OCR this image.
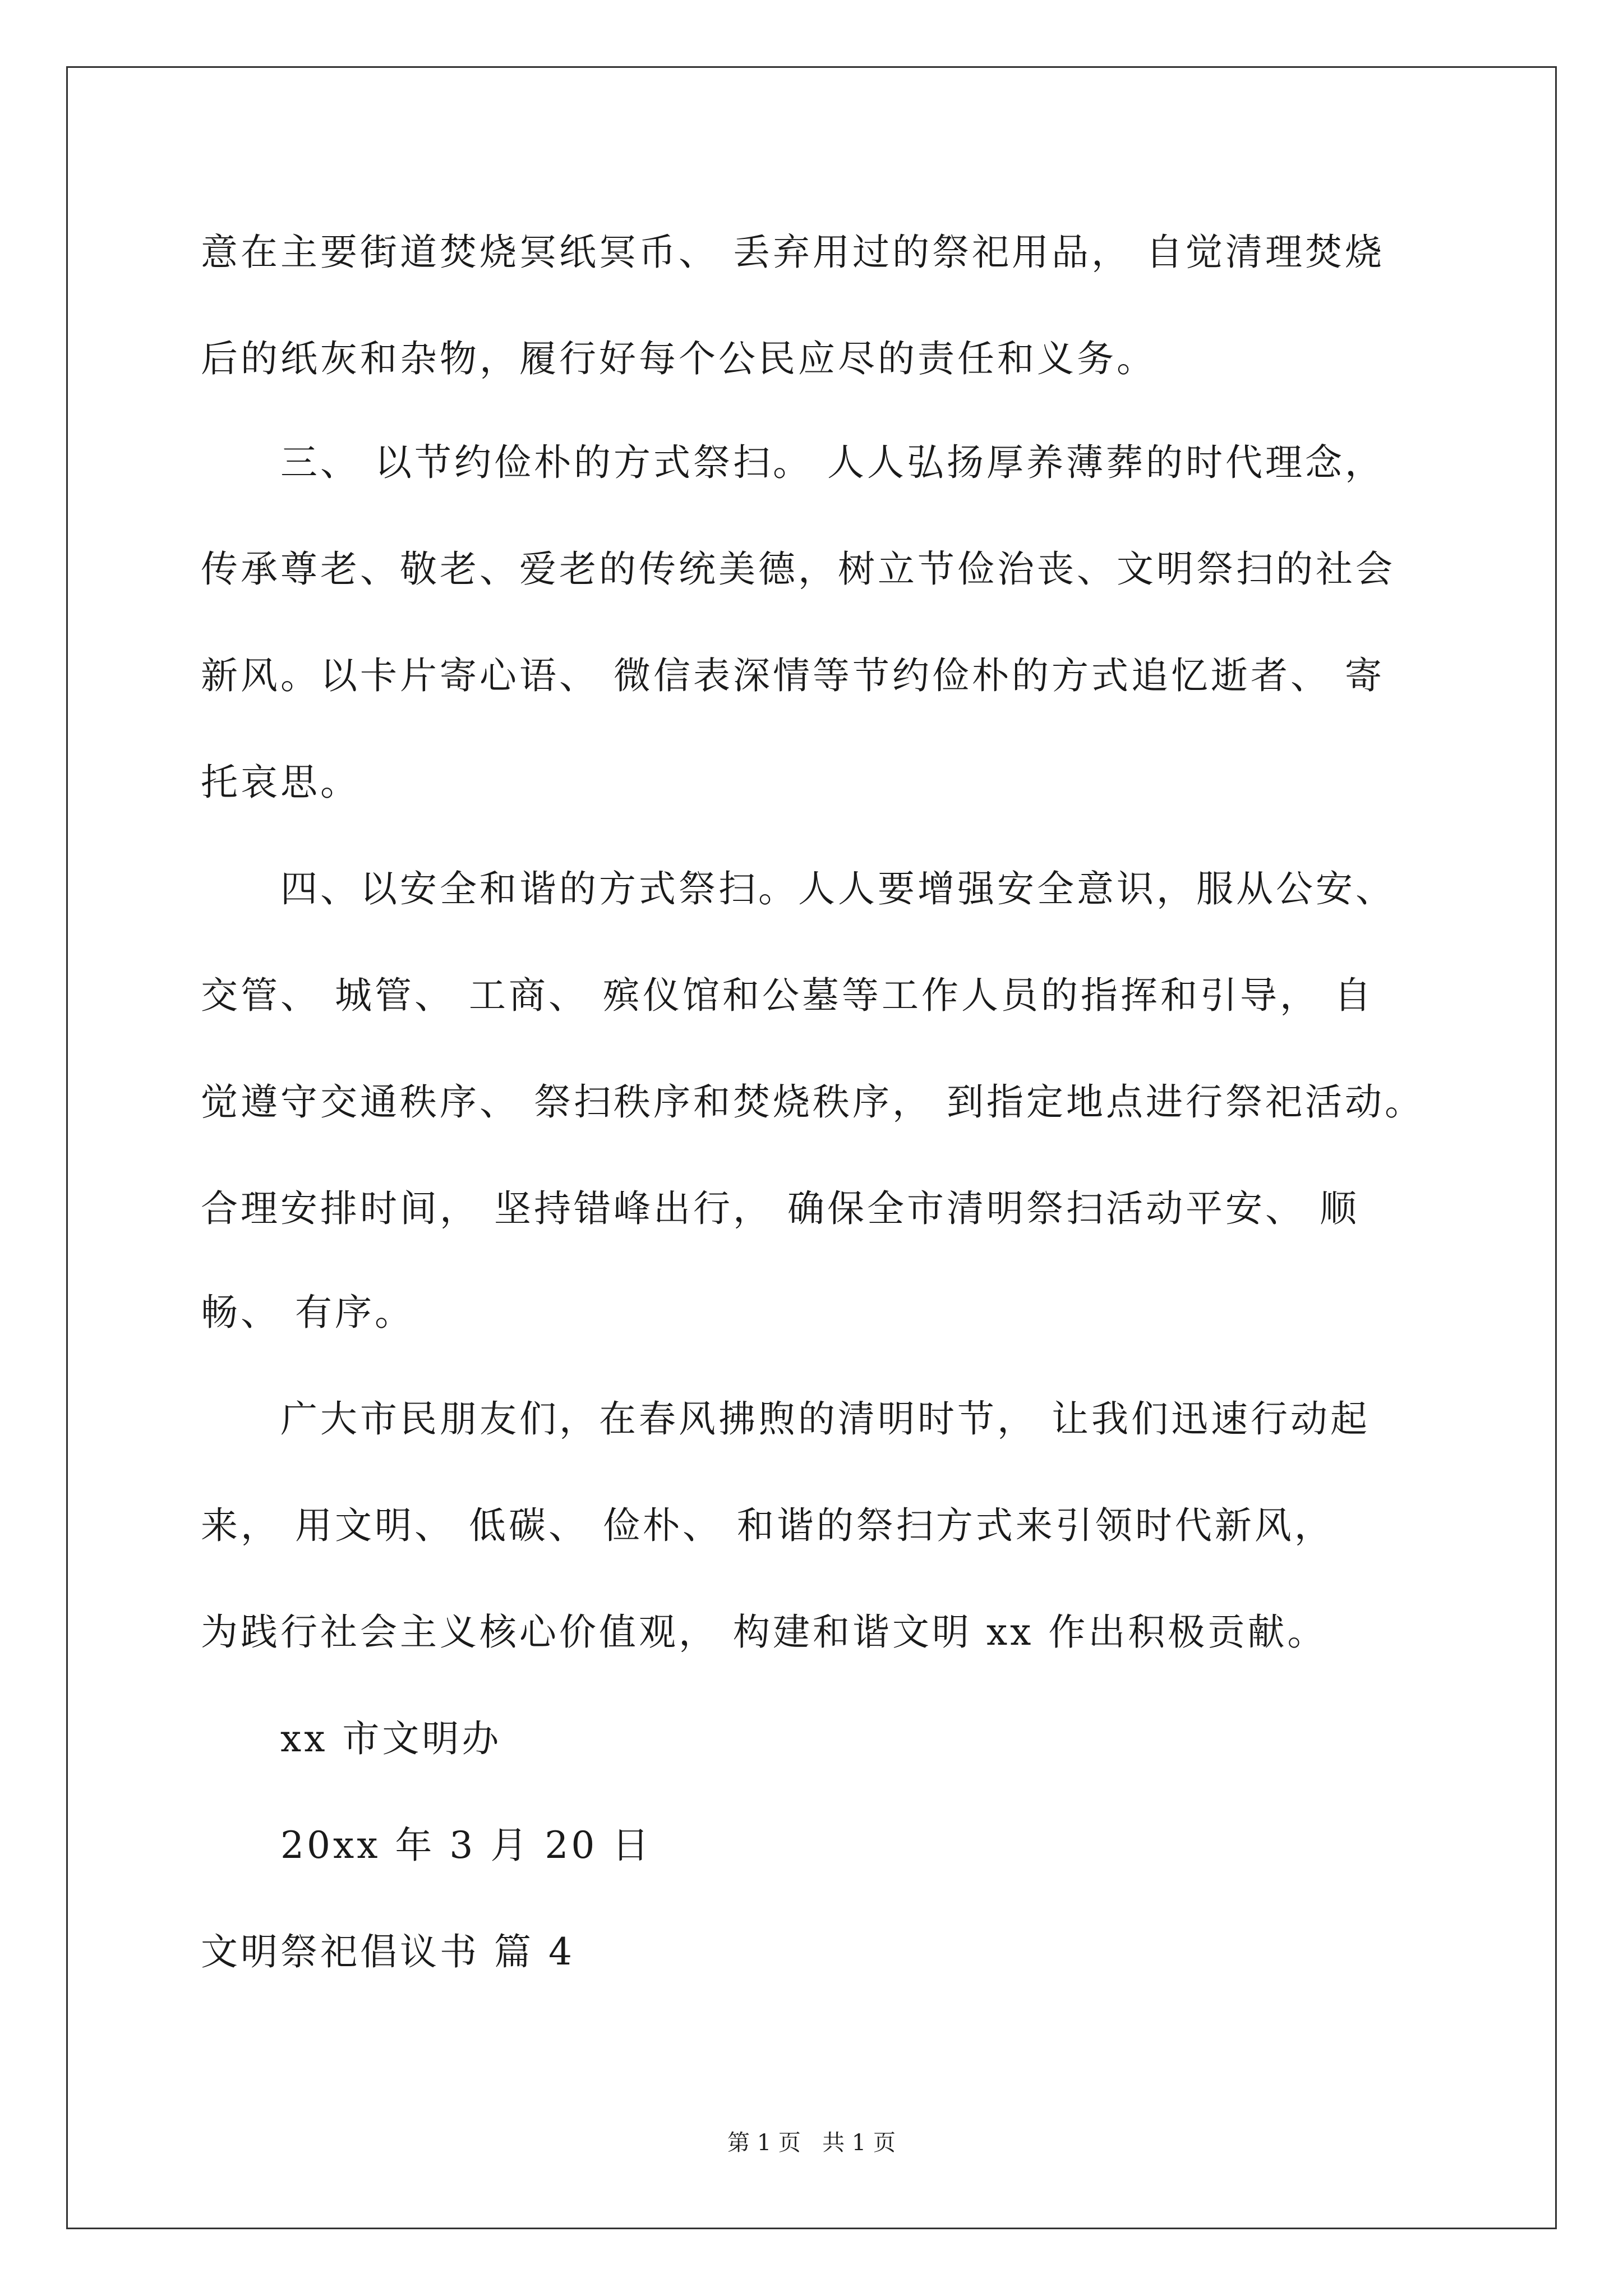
意在主要街道焚烧冥纸冥币、 丢弃用过的祭祀用品， 自觉清理焚烧
后的纸灰和杂物，履行好每个公民应尽的责任和义务。
三、 以节约俭朴的方式祭扫。 人人弘扬厚养薄葬的时代理念，
传承尊老、敬老、爱老的传统美德，树立节俭治丧、文明祭扫的社会
新风。以卡片寄心语、 微信表深情等节约俭朴的方式追忆逝者、 寄
托哀思。
四、以安全和谐的方式祭扫。人人要增强安全意识，服从公安、
交管、 城管、 工商、 殡仪馆和公墓等工作人员的指挥和引导， 自
觉遵守交通秩序、 祭扫秩序和焚烧秩序， 到指定地点进行祭祀活动。
合理安排时间， 坚持错峰出行， 确保全市清明祭扫活动平安、 顺
畅、 有序。
广大市民朋友们，在春风拂煦的清明时节， 让我们迅速行动起
来， 用文明、 低碳、 俭朴、 和谐的祭扫方式来引领时代新风，
为践行社会主义核心价值观， 构建和谐文明 xx 作出积极贡献。
xx 市文明办
20xx 年 3 月 20 日
文明祭祀倡议书 篇 4
第 1 页   共 1 页
